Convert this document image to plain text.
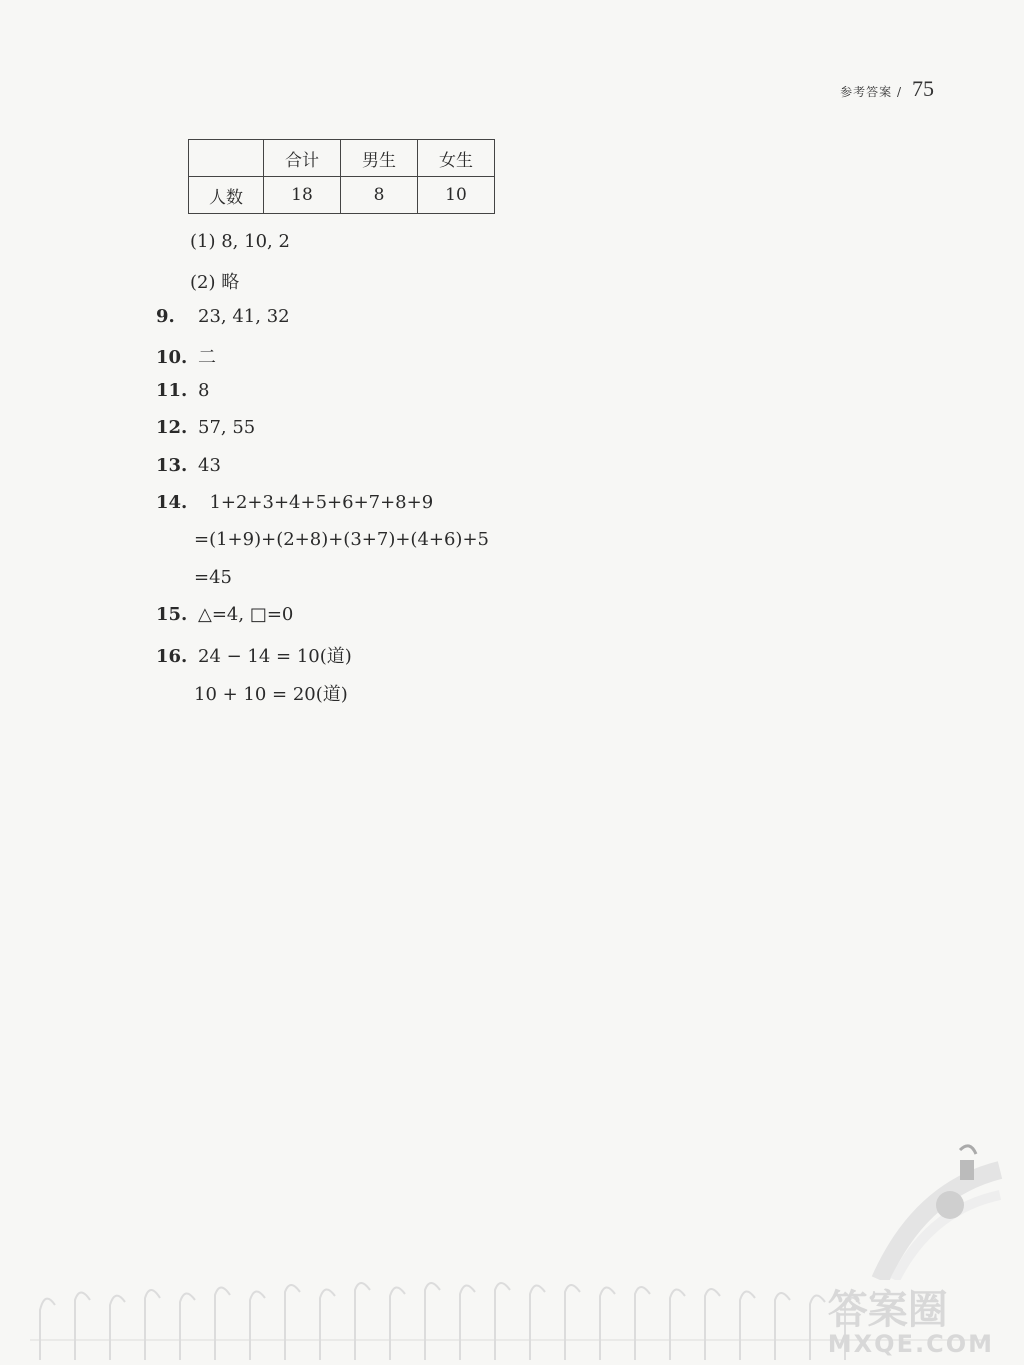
参考答案 / 75
	合计	男生	女生
人数	18	8	10
(1) 8, 10, 2
(2) 略
9. 23, 41, 32
10. 二
11. 8
12. 57, 55
13. 43
14.  1+2+3+4+5+6+7+8+9
=(1+9)+(2+8)+(3+7)+(4+6)+5
=45
15. △=4, □=0
16. 24 − 14 = 10(道)
10 + 10 = 20(道)
答案圈
MXQE.COM
